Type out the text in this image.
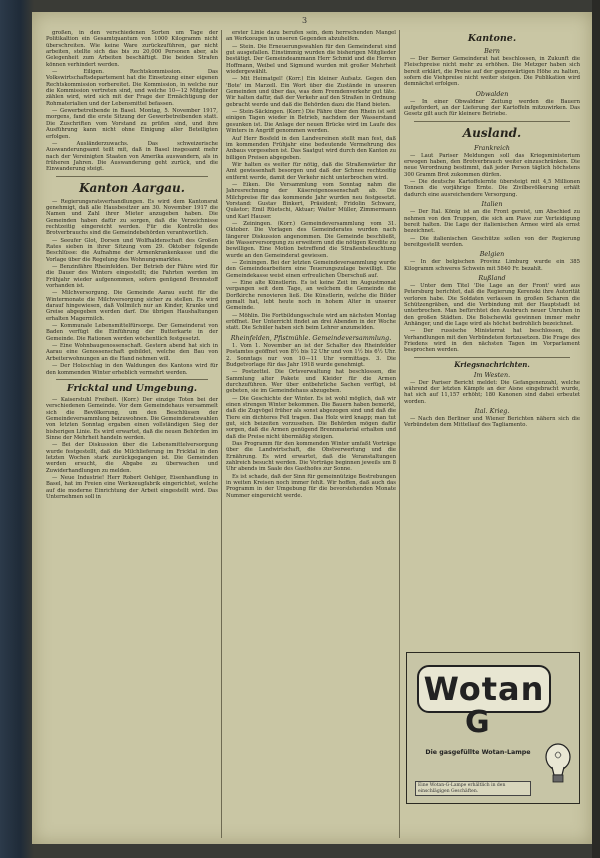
3

großen, in den verschiedenen Sorten um Tage der Politikaltion ein Gesamtquantum von 1000 Kilogramm nicht überschreiten. Wie keine Ware zurückzuführen, gar nicht arbeiten, stellte sich das bis zu 20,000 Personen aber, als Gelegenheit zum Arbeiten beschäftigt. Die beiden Strafen können verhindert werden.

— Eiligen. Rechtskommission. Das Volkswirtschaftsdepartement hat die Einsetzung einer eigenen Rechtskommission vorbereitet. Die Kommission, in welche nur die Kommission vertreten sind, und welche 10—12 Mitglieder zählen wird, wird sich mit der Frage der Ermächtigung der Rohmaterialien und der Lebensmittel befassen.

— Gewerbetreibende in Basel. Montag, 5. November 1917, morgens, fand die erste Sitzung der Gewerbetreibenden statt. Die Zuschriften vom Vorstand zu prüfen sind, und ihre Ausführung kann nicht ohne Einigung aller Beteiligten erfolgen.

— Ausländerzuwachs. Das schweizerische Auswanderungsamt teilt mit, daß in Basel insgesamt mehr nach der Vereinigten Staaten von Amerika auswandern, als in früheren Jahren. Die Auswanderung geht zurück, und die Einwanderung steigt.

Kanton Aargau.

— Regierungsratsverhandlungen. Es wird dem Kantonsrat genehmigt, daß alle Hausbesitzer am 30. November 1917 die Namen und Zahl ihrer Mieter anzugeben haben. Die Gemeinden haben dafür zu sorgen, daß die Verzeichnisse rechtzeitig eingereicht werden. Für die Kontrolle des Brotverbrauchs sind die Gemeindebehörden verantwortlich.

— Seeufer Glot, Dorsen und Wolfhaldenschaft des Großen Rates sieben in ihrer Sitzung vom 29. Oktober folgende Beschlüsse: die Aufnahme der Armenkrankenkasse und die Vorlage über die Regelung des Wohnungsmarktes.

— Benzinfähre Rheinfelden. Der Betrieb der Fähre wird für die Dauer des Winters eingestellt; die Fahrten werden im Frühjahr wieder aufgenommen, sofern genügend Brennstoff vorhanden ist.

— Milchversorgung. Die Gemeinde Aarau sucht für die Wintermonate die Milchversorgung sicher zu stellen. Es wird darauf hingewiesen, daß Vollmilch nur an Kinder, Kranke und Greise abgegeben werden darf. Die übrigen Haushaltungen erhalten Magermilch.

— Kommunale Lebensmittelfürsorge. Der Gemeinderat von Baden verfügt die Einführung der Butterkarte in der Gemeinde. Die Rationen werden wöchentlich festgesetzt.

— Eine Wohnbaugenossenschaft. Gestern abend hat sich in Aarau eine Genossenschaft gebildet, welche den Bau von Arbeiterwohnungen an die Hand nehmen will.

— Der Holzschlag in den Waldungen des Kantons wird für den kommenden Winter erheblich vermehrt werden.

Fricktal und Umgebung.

— Kaiserstuhl Freiheit. (Korr.) Der einzige Toten bei der verschiedenen Gemeinde. Vor dem Gemeindehaus versammelt sich die Bevölkerung, um den Beschlüssen der Gemeindeversammlung beizuwohnen. Die Gemeinderatswahlen von letzten Sonntag ergaben einen vollständigen Sieg der bisherigen Linie. Es wird erwartet, daß die neuen Behörden im Sinne der Mehrheit handeln werden.

— Bei der Diskussion über die Lebensmittelversorgung wurde festgestellt, daß die Milchlieferung im Fricktal in den letzten Wochen stark zurückgegangen ist. Die Gemeinden werden ersucht, die Abgabe zu überwachen und Zuwiderhandlungen zu melden.

— Neue Industrie! Herr Robert Oehlger, Eisenhandlung in Basel, hat im Freien eine Werkzeugfabrik eingerichtet, welche auf die moderne Einrichtung der Arbeit eingestellt wird. Das Unternehmen soll in

erster Linie dazu berufen sein, dem herrschenden Mangel an Werkzeugen in unseren Gegenden abzuhelfen.

— Stein. Die Erneuerungswahlen für den Gemeinderat sind gut ausgefallen. Einstimmig wurden die bisherigen Mitglieder bestätigt. Der Gemeindeammann Herr Schmid und die Herren Hoffmann, Weibel und Sigmund wurden mit großer Mehrheit wiedergewählt.

— Mit Heimatgel! (Korr.) Ein kleiner Aufsatz. Gegen den 'Bote' im Marzell. Ein Wort über die Zustände in unseren Gemeinden und über das, was dem Fremdenverkehr gut täte. Wir halten dafür, daß der Verkehr auf den Straßen in Ordnung gebracht werde und daß die Behörden dazu die Hand bieten.

— Stein-Säckingen. (Korr.) Die Fähre über den Rhein ist seit einigen Tagen wieder in Betrieb, nachdem der Wasserstand gesunken ist. Die Anlage der neuen Brücke wird im Laufe des Winters in Angriff genommen werden.

Auf Herr Bosfeld in den Landvereinen stellt man fest, daß im kommenden Frühjahr eine bedeutende Vermehrung des Anbaus vorgesehen ist. Das Saatgut wird durch den Kanton zu billigen Preisen abgegeben.

Wir halten es weiter für nötig, daß die Straßenwärter ihr Amt gewissenhaft besorgen und daß der Schnee rechtzeitig entfernt werde, damit der Verkehr nicht unterbrochen wird.

— Eiken. Die Versammlung vom Sonntag nahm die Jahresrechnung der Käsereigenossenschaft ab. Die Milchpreise für das kommende Jahr wurden neu festgesetzt. Vorstand: Gustav Binkert, Präsident; Fridolin Schwarz, Quästor; Emil Rüetschi, Aktuar; Walter Müller, Zimmermann und Karl Hauser.

— Zeiningen. (Korr.) Gemeindeversammlung vom 31. Oktober. Die Vorlagen des Gemeinderates wurden nach längerer Diskussion angenommen. Die Gemeinde beschließt, die Wasserversorgung zu erweitern und die nötigen Kredite zu bewilligen. Eine Motion betreffend die Straßenbeleuchtung wurde an den Gemeinderat gewiesen.

— Zeiningen. Bei der letzten Gemeindeversammlung wurde den Gemeindearbeitern eine Teuerungszulage bewilligt. Die Gemeindekasse weist einen erfreulichen Überschuß auf.

— Eine alte Künstlerin. Es ist keine Zeit im Augustmonat vergangen seit dem Tage, an welchem die Gemeinde die Dorfkirche renovieren ließ. Die Künstlerin, welche die Bilder gemalt hat, lebt heute noch in hohem Alter in unserer Gemeinde.

— Möhlin. Die Fortbildungsschule wird am nächsten Montag eröffnet. Der Unterricht findet an drei Abenden in der Woche statt. Die Schüler haben sich beim Lehrer anzumelden.

Rheinfelden, Pfistmühle. Gemeindeversammlung.

1. Vom 1. November an ist der Schalter des Rheinfelder Postamtes geöffnet von 8½ bis 12 Uhr und von 1½ bis 6½ Uhr. 2. Sonntags nur von 10—11 Uhr vormittags. 3. Die Budgetvorlage für das Jahr 1918 wurde genehmigt.

— Postzettel. Die Ortsverwaltung hat beschlossen, die Sammlung alter Pakete und Kleider für die Armen durchzuführen. Wer über entbehrliche Sachen verfügt, ist gebeten, sie im Gemeindehaus abzugeben.

— Die Geschichte der Winter. Es ist wohl möglich, daß wir einen strengen Winter bekommen. Die Bauern haben bemerkt, daß die Zugvögel früher als sonst abgezogen sind und daß die Tiere ein dichteres Fell tragen. Das Holz wird knapp; man tut gut, sich beizeiten vorzusehen. Die Behörden mögen dafür sorgen, daß die Armen genügend Brennmaterial erhalten und daß die Preise nicht übermäßig steigen.

Das Programm für den kommenden Winter umfaßt Vorträge über die Landwirtschaft, die Obstverwertung und die Ernährung. Es wird erwartet, daß die Veranstaltungen zahlreich besucht werden. Die Vorträge beginnen jeweils um 8 Uhr abends im Saale des Gasthofes zur Sonne.

Es ist schade, daß der Sinn für gemeinnützige Bestrebungen in weiten Kreisen noch immer fehlt. Wir hoffen, daß auch das Programm in der Umgebung für die bevorstehenden Monate Nummer eingereicht werde.

Kantone.
Bern

— Der Berner Gemeinderat hat beschlossen, in Zukunft die Fleischpreise nicht mehr zu erhöhen. Die Metzger haben sich bereit erklärt, die Preise auf der gegenwärtigen Höhe zu halten, sofern die Viehpreise nicht weiter steigen. Die Publikation wird demnächst erfolgen.

Obwalden

— In einer Obwaldner Zeitung werden die Bauern aufgefordert, an der Lieferung der Kartoffeln mitzuwirken. Das Gesetz gilt auch für kleinere Betriebe.

Ausland.
Frankreich

— Laut Pariser Meldungen soll das Kriegsministerium erwogen haben, den Brotverbrauch weiter einzuschränken. Die neue Verordnung bestimmt, daß jeder Person täglich höchstens 300 Gramm Brot zukommen dürfen.

— Die deutsche Kartoffelernte übersteigt mit 4,5 Millionen Tonnen die vorjährige Ernte. Die Zivilbevölkerung erhält dadurch eine ausreichendere Versorgung.

Italien

— Der Ital. König ist an die Front gereist, um Abschied zu nehmen von den Truppen, die sich am Piave zur Verteidigung bereit halten. Die Lage der italienischen Armee wird als ernst bezeichnet.

— Die italienischen Geschütze sollen von der Regierung bereitgestellt werden.

Belgien

— In der belgischen Provinz Limburg wurde ein 385 Kilogramm schweres Schwein mit 5840 Fr. bezahlt.

Rußland

— Unter dem Titel 'Die Lage an der Front' wird aus Petersburg berichtet, daß die Regierung Kerenski ihre Autorität verloren habe. Die Soldaten verlassen in großen Scharen die Schützengräben, und die Verbindung mit der Hauptstadt ist unterbrochen. Man befürchtet den Ausbruch neuer Unruhen in den großen Städten. Die Bolschewiki gewinnen immer mehr Anhänger, und die Lage wird als höchst bedrohlich bezeichnet.

— Der russische Ministerrat hat beschlossen, die Verhandlungen mit den Verbündeten fortzusetzen. Die Frage des Friedens wird in den nächsten Tagen im Vorparlament besprochen werden.

Kriegsnachrichten.
Im Westen.

— Der Pariser Bericht meldet: Die Gefangenenzahl, welche während der letzten Kämpfe an der Aisne eingebracht wurde, hat sich auf 11,157 erhöht; 180 Kanonen sind dabei erbeutet worden.

Ital. Krieg.

— Nach den Berliner und Wiener Berichten nähern sich die Verbündeten dem Mittellauf des Tagliamento.

Wotan
G
Die gasgefüllte Wotan-Lampe
Eine Wotan-G-Lampe erhältlich in den einschlägigen Geschäften.
